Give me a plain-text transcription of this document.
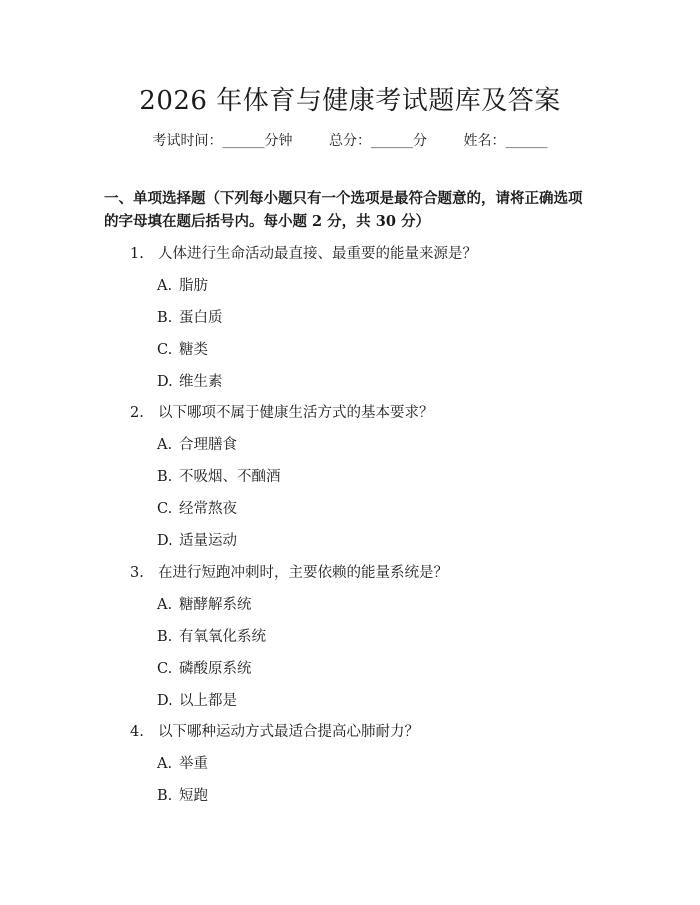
2026 年体育与健康考试题库及答案
考试时间：______分钟	总分：______分	姓名：______
一、单项选择题（下列每小题只有一个选项是最符合题意的，请将正确选项的字母填在题后括号内。每小题 2 分，共 30 分）
1. 人体进行生命活动最直接、最重要的能量来源是？
A. 脂肪
B. 蛋白质
C. 糖类
D. 维生素
2. 以下哪项不属于健康生活方式的基本要求？
A. 合理膳食
B. 不吸烟、不酗酒
C. 经常熬夜
D. 适量运动
3. 在进行短跑冲刺时，主要依赖的能量系统是？
A. 糖酵解系统
B. 有氧氧化系统
C. 磷酸原系统
D. 以上都是
4. 以下哪种运动方式最适合提高心肺耐力？
A. 举重
B. 短跑
